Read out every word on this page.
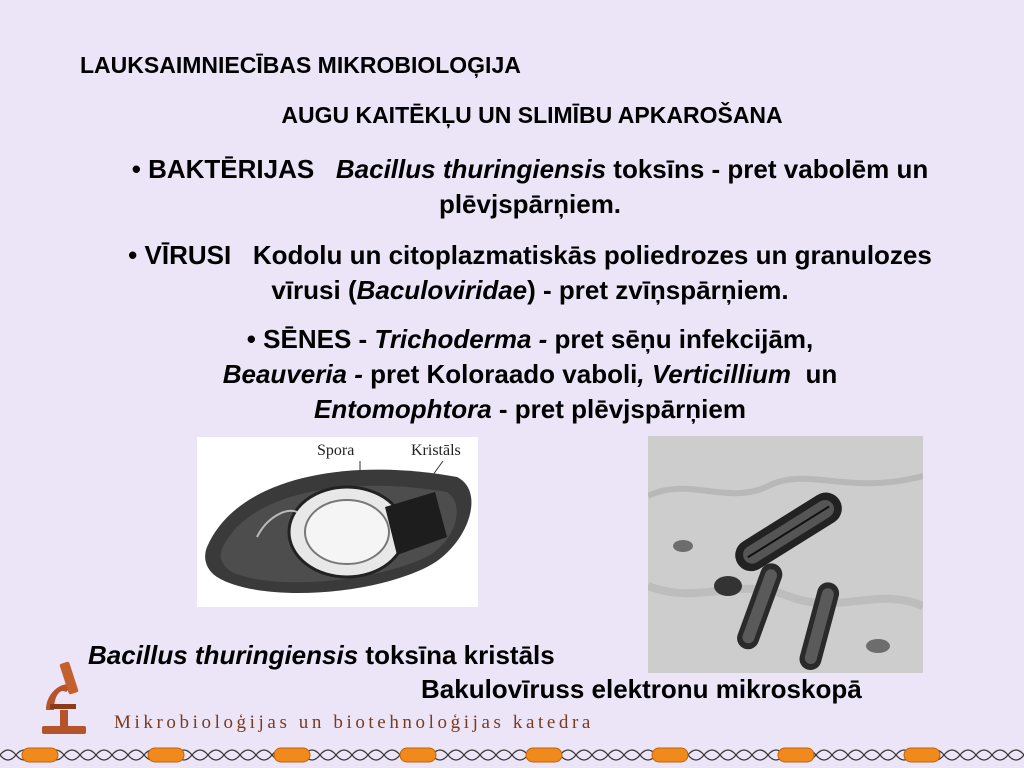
LAUKSAIMNIECĪBAS MIKROBIOLOĢIJA
AUGU KAITĒKĻU UN SLIMĪBU APKAROŠANA
• BAKTĒRIJAS Bacillus thuringiensis toksīns - pret vabolēm un plēvjspārņiem.
• VĪRUSI Kodolu un citoplazmatiskās poliedrozes un granulozes vīrusi (Baculoviridae) - pret zvīņspārņiem.
• SĒNES - Trichoderma - pret sēņu infekcijām,
Beauveria - pret Koloraado vaboli, Verticillium un
Entomophtora - pret plēvjspārņiem
Spora	Kristāls
Bacillus thuringiensis toksīna kristāls
Bakulovīruss elektronu mikroskopā
Mikrobioloģijas un biotehnoloģijas katedra
